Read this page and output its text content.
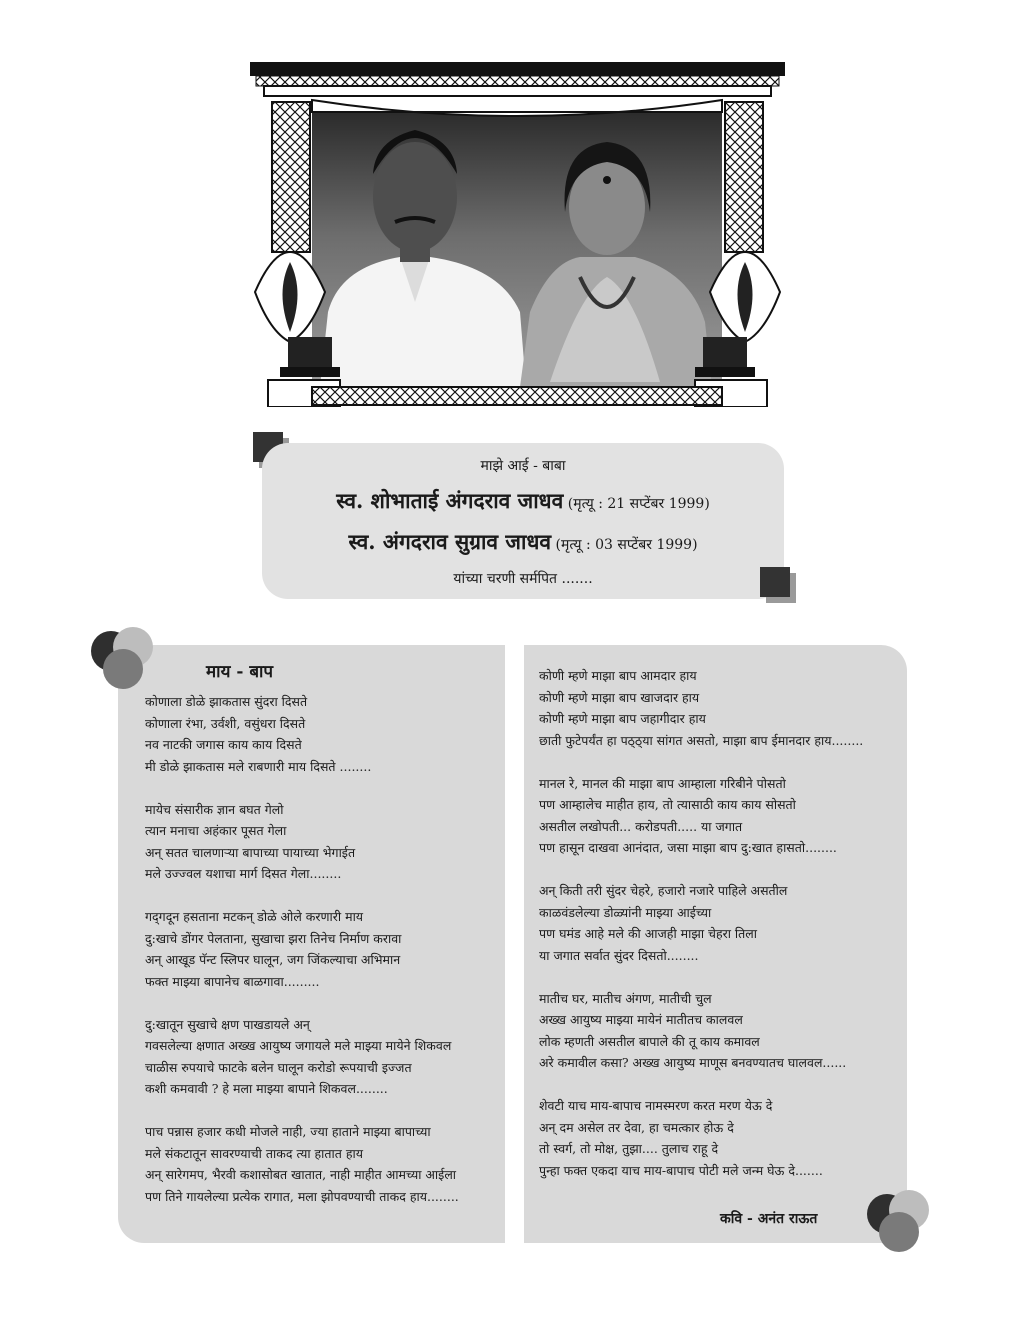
माझे आई - बाबा
स्व. शोभाताई अंगदराव जाधव (मृत्यू : 21 सप्टेंबर 1999)
स्व. अंगदराव सुग्राव जाधव (मृत्यू : 03 सप्टेंबर 1999)
यांच्या चरणी सर्मपित .......
माय - बाप
कोणाला डोळे झाकतास सुंदरा दिसते
कोणाला रंभा, उर्वशी, वसुंधरा दिसते
नव नाटकी जगास काय काय दिसते
मी डोळे झाकतास मले राबणारी माय दिसते ........
मायेच संसारीक ज्ञान बघत गेलो
त्यान मनाचा अहंकार पूसत गेला
अन् सतत चालणाऱ्या बापाच्या पायाच्या भेगाईत
मले उज्ज्वल यशाचा मार्ग दिसत गेला........
गद्‌गदून हसताना मटकन् डोळे ओले करणारी माय
दु:खाचे डोंगर पेलताना, सुखाचा झरा तिनेच निर्माण करावा
अन् आखूड पॅन्ट स्लिपर घालून, जग जिंकल्याचा अभिमान
फक्त माझ्या बापानेच बाळगावा.........
दु:खातून सुखाचे क्षण पाखडायले अन्
गवसलेल्या क्षणात अख्ख आयुष्य जगायले मले माझ्या मायेने शिकवल
चाळीस रुपयाचे फाटके बलेन घालून करोडो रूपयाची इज्जत
कशी कमवावी ? हे मला माझ्या बापाने शिकवल........
पाच पन्नास हजार कधी मोजले नाही, ज्या हाताने माझ्या बापाच्या
मले संकटातून सावरण्याची ताकद त्या हातात हाय
अन् सारेगमप, भैरवी कशासोबत खातात, नाही माहीत आमच्या आईला
पण तिने गायलेल्या प्रत्येक रागात, मला झोपवण्याची ताकद हाय........
कोणी म्हणे माझा बाप आमदार हाय
कोणी म्हणे माझा बाप खाजदार हाय
कोणी म्हणे माझा बाप जहागीदार हाय
छाती फुटेपर्यंत हा पठ्ठ्या सांगत असतो, माझा बाप ईमानदार हाय........
मानल रे, मानल की माझा बाप आम्हाला गरिबीने पोसतो
पण आम्हालेच माहीत हाय, तो त्यासाठी काय काय सोसतो
असतील लखोपती... करोडपती..... या जगात
पण हासून दाखवा आनंदात, जसा माझा बाप दु:खात हासतो........
अन् किती तरी सुंदर चेहरे, हजारो नजारे पाहिले असतील
काळवंडलेल्या डोळ्यांनी माझ्या आईच्या
पण घमंड आहे मले की आजही माझा चेहरा तिला
या जगात सर्वात सुंदर दिसतो........
मातीच घर, मातीच अंगण, मातीची चुल
अख्ख आयुष्य माझ्या मायेनं मातीतच कालवल
लोक म्हणती असतील बापाले की तू काय कमावल
अरे कमावील कसा? अख्ख आयुष्य माणूस बनवण्यातच घालवल......
शेवटी याच माय-बापाच नामस्मरण करत मरण येऊ दे
अन् दम असेल तर देवा, हा चमत्कार होऊ दे
तो स्वर्ग, तो मोक्ष, तुझा.... तुलाच राहू दे
पुन्हा फक्त एकदा याच माय-बापाच पोटी मले जन्म घेऊ दे.......
कवि - अनंत राऊत
